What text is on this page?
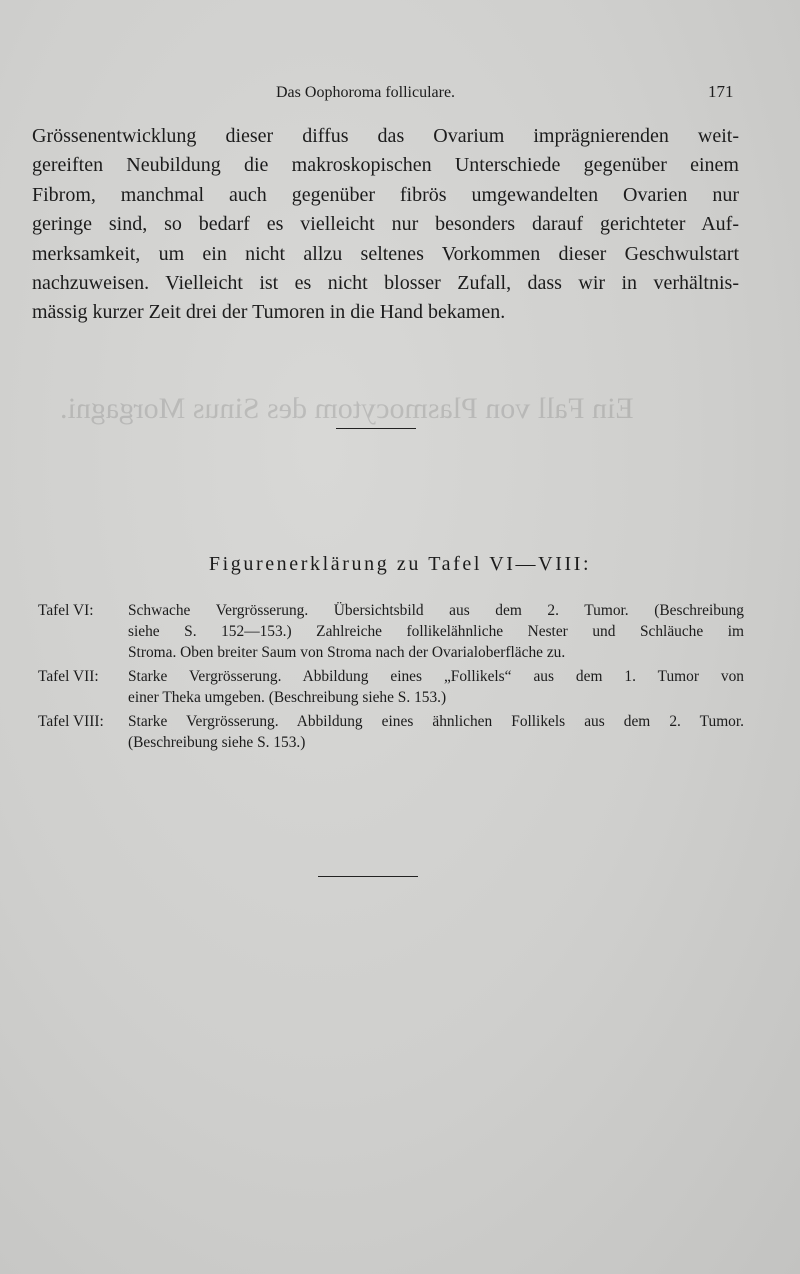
Ein Fall von Plasmocytom des Sinus Morgagni.
Das Oophoroma folliculare.	171
Grössenentwicklung dieser diffus das Ovarium imprägnierenden weit-
gereiften Neubildung die makroskopischen Unterschiede gegenüber einem
Fibrom, manchmal auch gegenüber fibrös umgewandelten Ovarien nur
geringe sind, so bedarf es vielleicht nur besonders darauf gerichteter Auf-
merksamkeit, um ein nicht allzu seltenes Vorkommen dieser Geschwulstart
nachzuweisen. Vielleicht ist es nicht blosser Zufall, dass wir in verhältnis-
mässig kurzer Zeit drei der Tumoren in die Hand bekamen.
Figurenerklärung zu Tafel VI—VIII:
Tafel VI:	Schwache Vergrösserung. Übersichtsbild aus dem 2. Tumor. (Beschreibung
siehe S. 152—153.) Zahlreiche follikelähnliche Nester und Schläuche im
Stroma. Oben breiter Saum von Stroma nach der Ovarialoberfläche zu.
Tafel VII:	Starke Vergrösserung. Abbildung eines „Follikels“ aus dem 1. Tumor von
einer Theka umgeben. (Beschreibung siehe S. 153.)
Tafel VIII:	Starke Vergrösserung. Abbildung eines ähnlichen Follikels aus dem 2. Tumor.
(Beschreibung siehe S. 153.)
